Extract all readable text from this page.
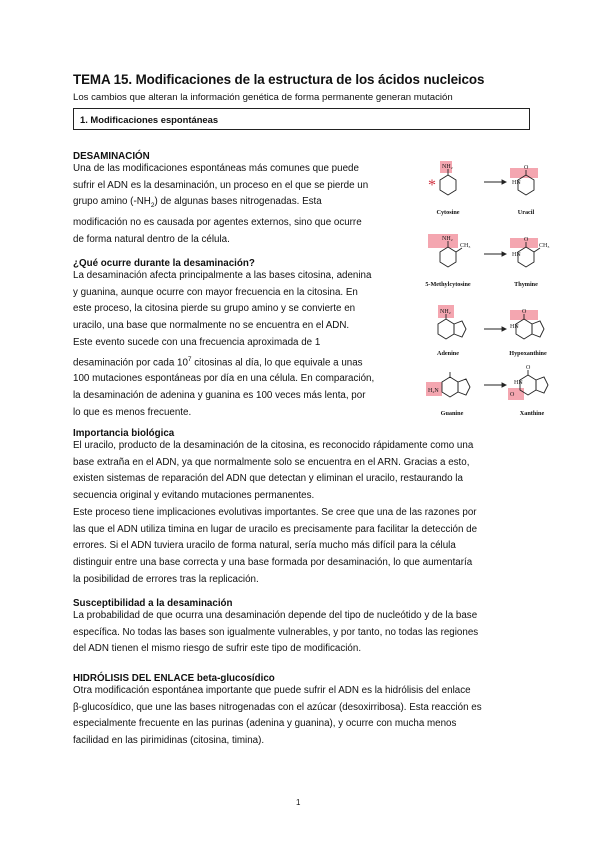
TEMA 15. Modificaciones de la estructura de los ácidos nucleicos
Los cambios que alteran la información genética de forma permanente generan mutación
1. Modificaciones espontáneas
DESAMINACIÓN
Una de las modificaciones espontáneas más comunes que puede
sufrir el ADN es la desaminación, un proceso en el que se pierde un
grupo amino $(-NH_2)$ de algunas bases nitrogenadas. Esta
modificación no es causada por agentes externos, sino que ocurre
de forma natural dentro de la célula.
¿Qué ocurre durante la desaminación?
La desaminación afecta principalmente a las bases citosina, adenina
y guanina, aunque ocurre con mayor frecuencia en la citosina. En
este proceso, la citosina pierde su grupo amino y se convierte en
uracilo, una base que normalmente no se encuentra en el ADN.
Este evento sucede con una frecuencia aproximada de 1
desaminación por cada $10^7$ citosinas al día, lo que equivale a unas
100 mutaciones espontáneas por día en una célula. En comparación,
la desaminación de adenina y guanina es 100 veces más lenta, por
lo que es menos frecuente.
Importancia biológica
El uracilo, producto de la desaminación de la citosina, es reconocido rápidamente como una
base extraña en el ADN, ya que normalmente solo se encuentra en el ARN. Gracias a esto,
existen sistemas de reparación del ADN que detectan y eliminan el uracilo, restaurando la
secuencia original y evitando mutaciones permanentes.
Este proceso tiene implicaciones evolutivas importantes. Se cree que una de las razones por
las que el ADN utiliza timina en lugar de uracilo es precisamente para facilitar la detección de
errores. Si el ADN tuviera uracilo de forma natural, sería mucho más difícil para la célula
distinguir entre una base correcta y una base formada por desaminación, lo que aumentaría
la posibilidad de errores tras la replicación.
Susceptibilidad a la desaminación
La probabilidad de que ocurra una desaminación depende del tipo de nucleótido y de la base
específica. No todas las bases son igualmente vulnerables, y por tanto, no todas las regiones
del ADN tienen el mismo riesgo de sufrir este tipo de modificación.
HIDRÓLISIS DEL ENLACE beta-glucosídico
Otra modificación espontánea importante que puede sufrir el ADN es la hidrólisis del enlace
β-glucosídico, que une las bases nitrogenadas con el azúcar (desoxirribosa). Esta reacción es
especialmente frecuente en las purinas (adenina y guanina), y ocurre con mucha menos
facilidad en las pirimidinas (citosina, timina).
*
NH₂	O
HN
NH₂
CH₃
O
CH₃
HN
NH₂	O
HN
H₂N
O
O
HN
Cytosine	Uracil
5-Methylcytosine	Thymine
Adenine	Hypoxanthine
Guanine	Xanthine
1
